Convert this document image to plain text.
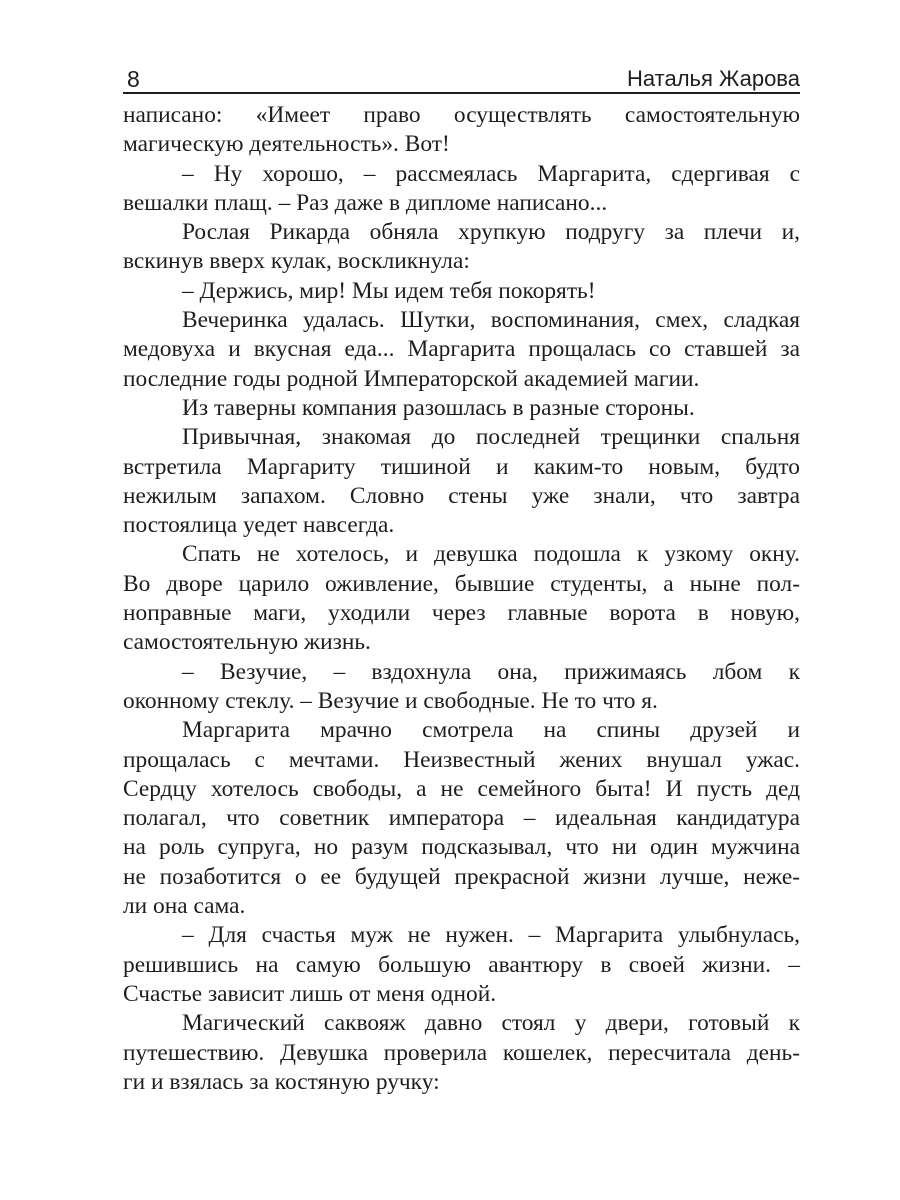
8	Наталья Жарова
написано: «Имеет право осуществлять самостоятельную
магическую деятельность». Вот!
– Ну хорошо, – рассмеялась Маргарита, сдергивая с
вешалки плащ. – Раз даже в дипломе написано...
Рослая Рикарда обняла хрупкую подругу за плечи и,
вскинув вверх кулак, воскликнула:
– Держись, мир! Мы идем тебя покорять!
Вечеринка удалась. Шутки, воспоминания, смех, сладкая
медовуха и вкусная еда... Маргарита прощалась со ставшей за
последние годы родной Императорской академией магии.
Из таверны компания разошлась в разные стороны.
Привычная, знакомая до последней трещинки спальня
встретила Маргариту тишиной и каким-то новым, будто
нежилым запахом. Словно стены уже знали, что завтра
постоялица уедет навсегда.
Спать не хотелось, и девушка подошла к узкому окну.
Во дворе царило оживление, бывшие студенты, а ныне пол-
ноправные маги, уходили через главные ворота в новую,
самостоятельную жизнь.
– Везучие, – вздохнула она, прижимаясь лбом к
оконному стеклу. – Везучие и свободные. Не то что я.
Маргарита мрачно смотрела на спины друзей и
прощалась с мечтами. Неизвестный жених внушал ужас.
Сердцу хотелось свободы, а не семейного быта! И пусть дед
полагал, что советник императора – идеальная кандидатура
на роль супруга, но разум подсказывал, что ни один мужчина
не позаботится о ее будущей прекрасной жизни лучше, неже-
ли она сама.
– Для счастья муж не нужен. – Маргарита улыбнулась,
решившись на самую большую авантюру в своей жизни. –
Счастье зависит лишь от меня одной.
Магический саквояж давно стоял у двери, готовый к
путешествию. Девушка проверила кошелек, пересчитала день-
ги и взялась за костяную ручку:
